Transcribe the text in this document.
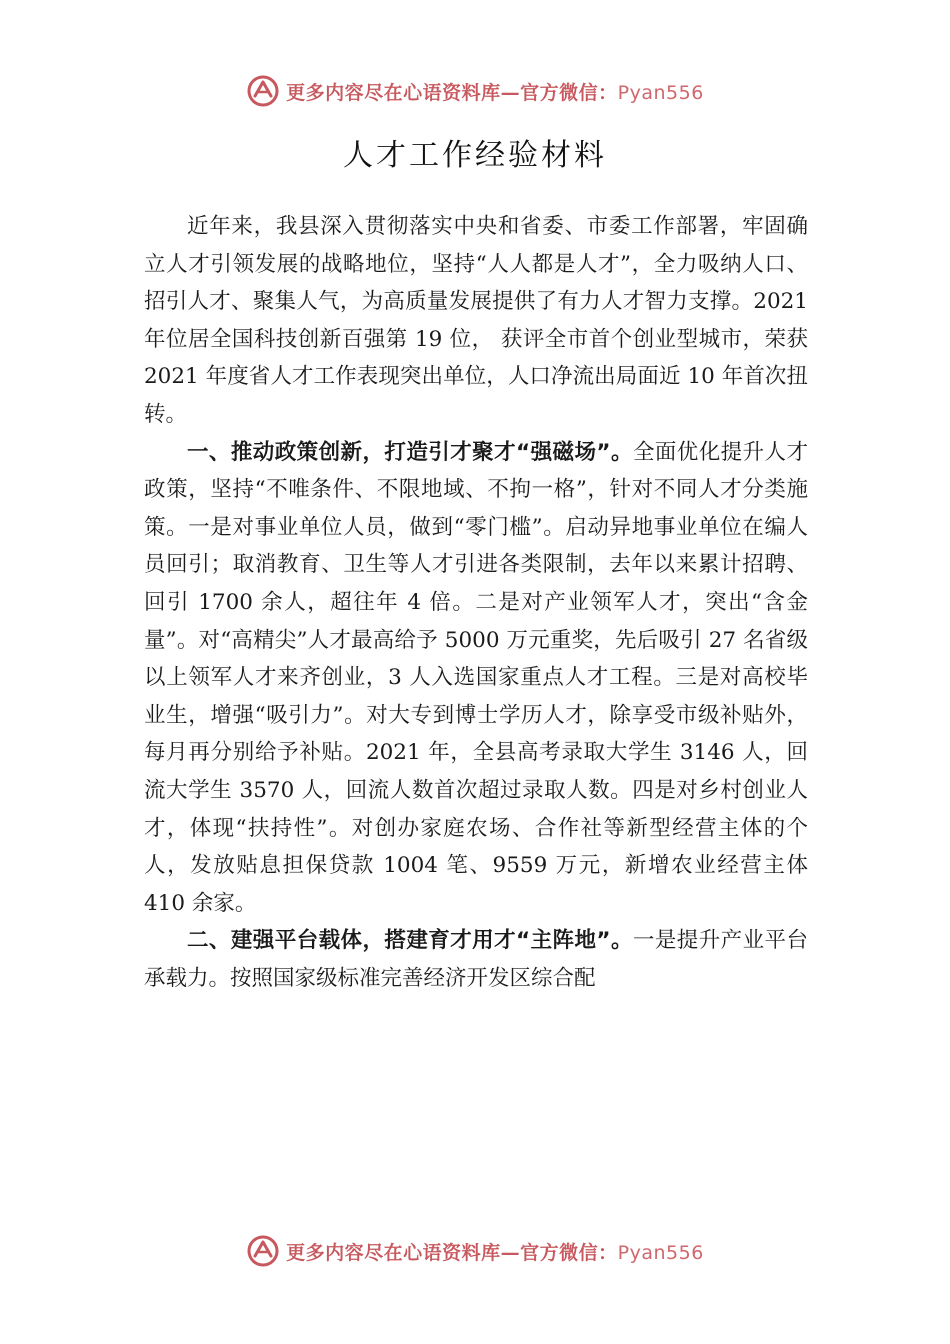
更多内容尽在心语资料库—官方微信：Pyan556
人才工作经验材料

近年来，我县深入贯彻落实中央和省委、市委工作部署，牢固确立人才引领发展的战略地位，坚持“人人都是人才”，全力吸纳人口、招引人才、聚集人气，为高质量发展提供了有力人才智力支撑。2021 年位居全国科技创新百强第 19 位， 获评全市首个创业型城市，荣获 2021 年度省人才工作表现突出单位，人口净流出局面近 10 年首次扭转。

一、推动政策创新，打造引才聚才“强磁场”。全面优化提升人才政策，坚持“不唯条件、不限地域、不拘一格”，针对不同人才分类施策。一是对事业单位人员，做到“零门槛”。启动异地事业单位在编人员回引；取消教育、卫生等人才引进各类限制，去年以来累计招聘、回引 1700 余人，超往年 4 倍。二是对产业领军人才，突出“含金量”。对“高精尖”人才最高给予 5000 万元重奖，先后吸引 27 名省级以上领军人才来齐创业，3 人入选国家重点人才工程。三是对高校毕业生，增强“吸引力”。对大专到博士学历人才，除享受市级补贴外，每月再分别给予补贴。2021 年，全县高考录取大学生 3146 人，回流大学生 3570 人，回流人数首次超过录取人数。四是对乡村创业人才，体现“扶持性”。对创办家庭农场、合作社等新型经营主体的个人，发放贴息担保贷款 1004 笔、9559 万元，新增农业经营主体 410 余家。

二、建强平台载体，搭建育才用才“主阵地”。一是提升产业平台承载力。按照国家级标准完善经济开发区综合配

更多内容尽在心语资料库—官方微信：Pyan556
